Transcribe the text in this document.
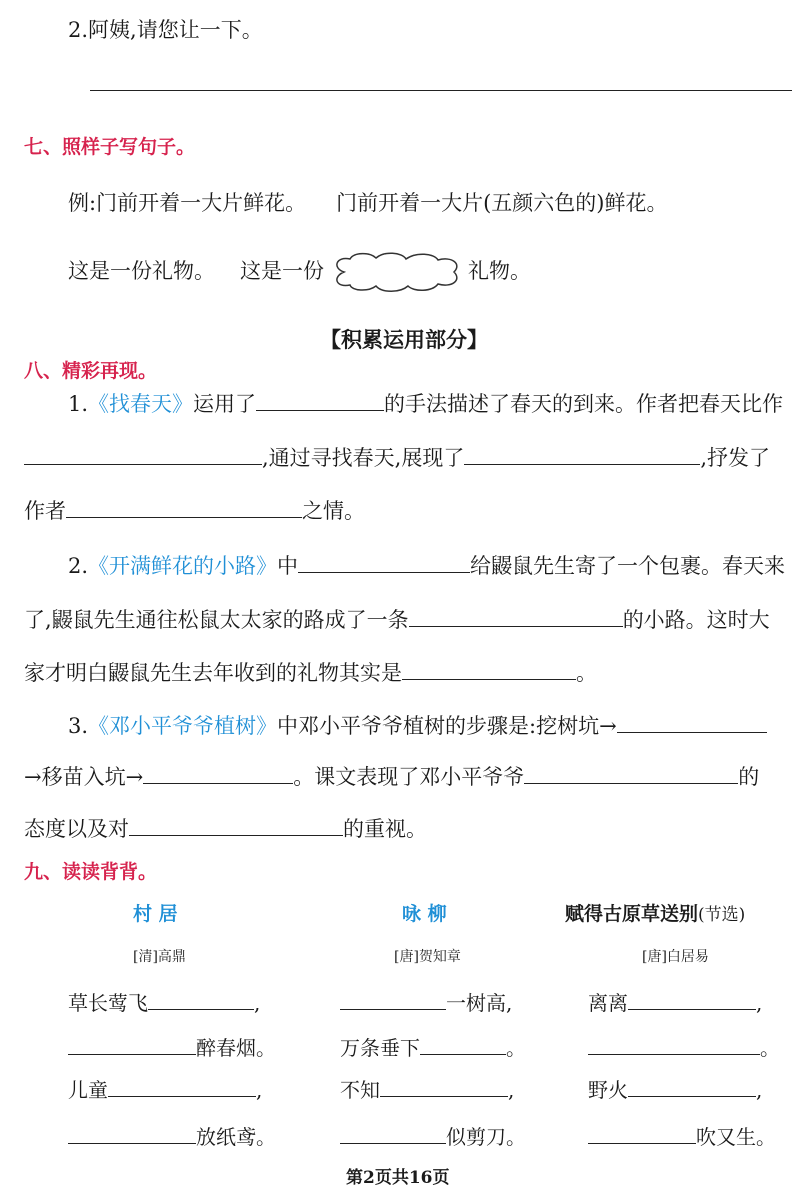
2.阿姨,请您让一下。
七、照样子写句子。
例:门前开着一大片鲜花。 门前开着一大片(五颜六色的)鲜花。
这是一份礼物。 这是一份	礼物。
【积累运用部分】
八、精彩再现。
1.《找春天》运用了	的手法描述了春天的到来。作者把春天比作
,通过寻找春天,展现了	,抒发了
作者	之情。
2.《开满鲜花的小路》中	给鼹鼠先生寄了一个包裹。春天来
了,鼹鼠先生通往松鼠太太家的路成了一条	的小路。这时大
家才明白鼹鼠先生去年收到的礼物其实是	。
3.《邓小平爷爷植树》中邓小平爷爷植树的步骤是:挖树坑→
→移苗入坑→	。课文表现了邓小平爷爷	的
态度以及对	的重视。
九、读读背背。
村 居
[清]高鼎
草长莺飞	,
醉春烟。
儿童	,
放纸鸢。
咏 柳
[唐]贺知章
一树高,
万条垂下	。
不知	,
似剪刀。
赋得古原草送别(节选)
[唐]白居易
离离	,
。
野火	,
吹又生。
第2页共16页
